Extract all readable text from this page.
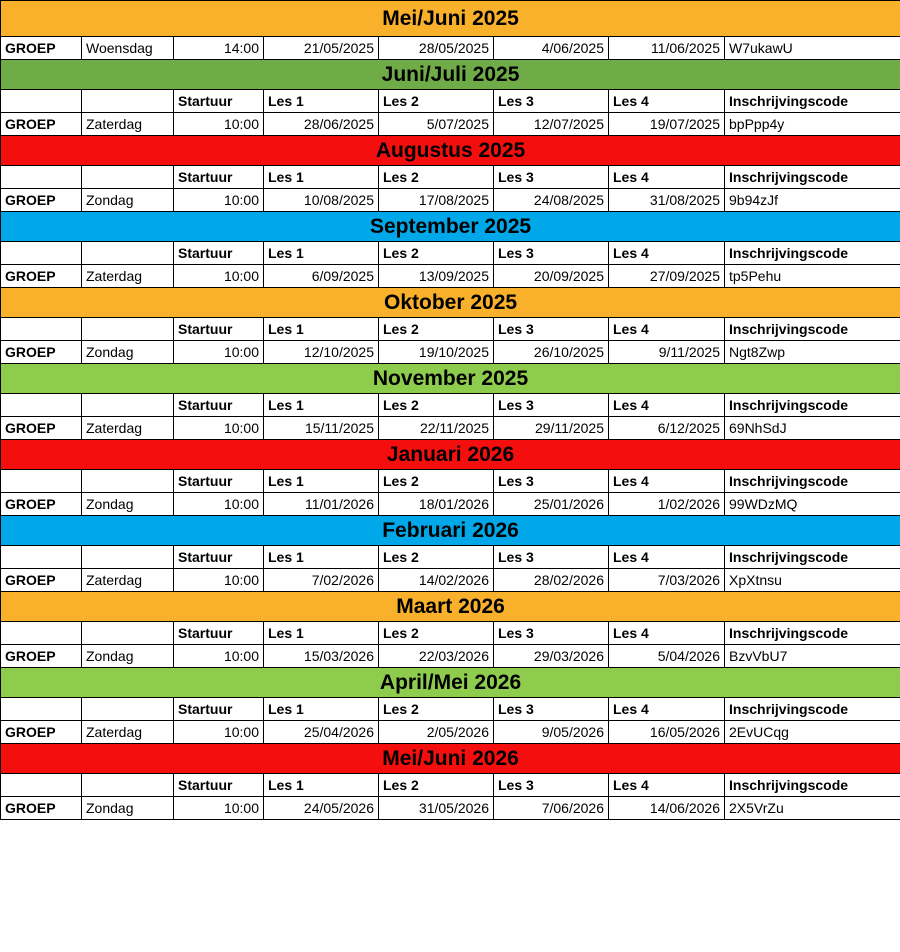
Mei/Juni 2025							
GROEP	Woensdag	14:00	21/05/2025	28/05/2025	4/06/2025	11/06/2025	W7ukawU
Juni/Juli 2025							
		Startuur	Les 1	Les 2	Les 3	Les 4	Inschrijvingscode
GROEP	Zaterdag	10:00	28/06/2025	5/07/2025	12/07/2025	19/07/2025	bpPpp4y
Augustus 2025							
		Startuur	Les 1	Les 2	Les 3	Les 4	Inschrijvingscode
GROEP	Zondag	10:00	10/08/2025	17/08/2025	24/08/2025	31/08/2025	9b94zJf
September 2025							
		Startuur	Les 1	Les 2	Les 3	Les 4	Inschrijvingscode
GROEP	Zaterdag	10:00	6/09/2025	13/09/2025	20/09/2025	27/09/2025	tp5Pehu
Oktober 2025							
		Startuur	Les 1	Les 2	Les 3	Les 4	Inschrijvingscode
GROEP	Zondag	10:00	12/10/2025	19/10/2025	26/10/2025	9/11/2025	Ngt8Zwp
November 2025							
		Startuur	Les 1	Les 2	Les 3	Les 4	Inschrijvingscode
GROEP	Zaterdag	10:00	15/11/2025	22/11/2025	29/11/2025	6/12/2025	69NhSdJ
Januari 2026							
		Startuur	Les 1	Les 2	Les 3	Les 4	Inschrijvingscode
GROEP	Zondag	10:00	11/01/2026	18/01/2026	25/01/2026	1/02/2026	99WDzMQ
Februari 2026							
		Startuur	Les 1	Les 2	Les 3	Les 4	Inschrijvingscode
GROEP	Zaterdag	10:00	7/02/2026	14/02/2026	28/02/2026	7/03/2026	XpXtnsu
Maart 2026							
		Startuur	Les 1	Les 2	Les 3	Les 4	Inschrijvingscode
GROEP	Zondag	10:00	15/03/2026	22/03/2026	29/03/2026	5/04/2026	BzvVbU7
April/Mei 2026							
		Startuur	Les 1	Les 2	Les 3	Les 4	Inschrijvingscode
GROEP	Zaterdag	10:00	25/04/2026	2/05/2026	9/05/2026	16/05/2026	2EvUCqg
Mei/Juni 2026							
		Startuur	Les 1	Les 2	Les 3	Les 4	Inschrijvingscode
GROEP	Zondag	10:00	24/05/2026	31/05/2026	7/06/2026	14/06/2026	2X5VrZu
